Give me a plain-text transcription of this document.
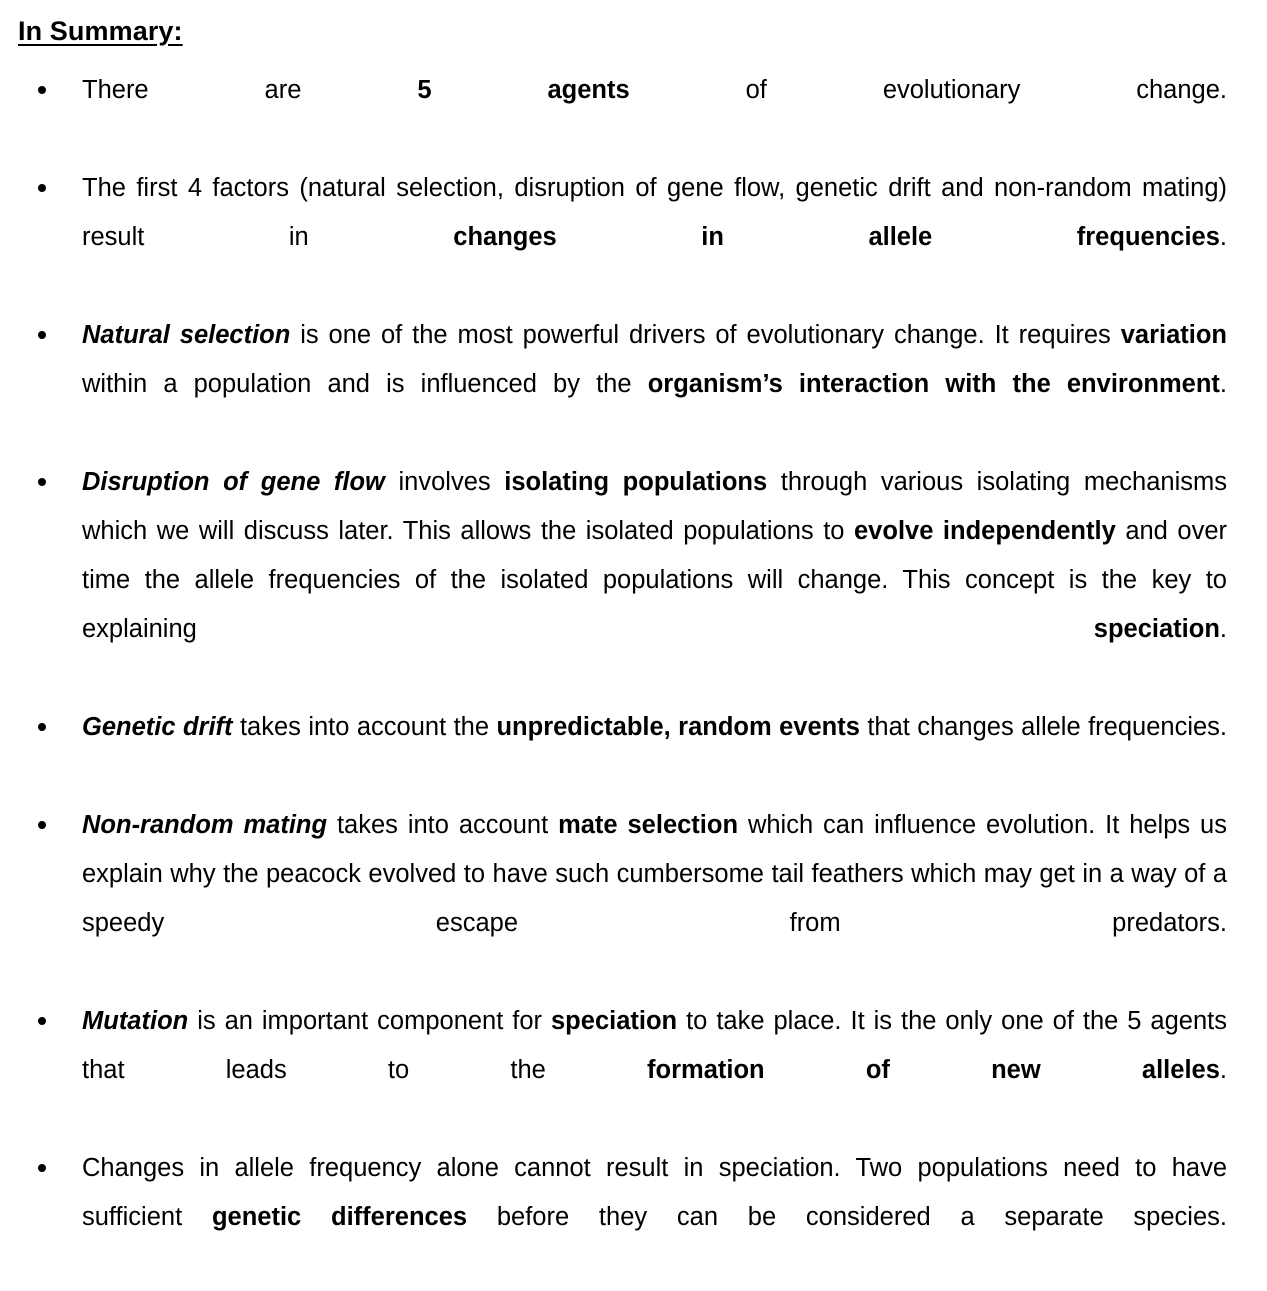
In Summary:
There are 5 agents of evolutionary change.
The first 4 factors (natural selection, disruption of gene flow, genetic drift and non-random mating) result in changes in allele frequencies.
Natural selection is one of the most powerful drivers of evolutionary change. It requires variation within a population and is influenced by the organism’s interaction with the environment.
Disruption of gene flow involves isolating populations through various isolating mechanisms which we will discuss later. This allows the isolated populations to evolve independently and over time the allele frequencies of the isolated populations will change. This concept is the key to explaining speciation.
Genetic drift takes into account the unpredictable, random events that changes allele frequencies.
Non-random mating takes into account mate selection which can influence evolution. It helps us explain why the peacock evolved to have such cumbersome tail feathers which may get in a way of a speedy escape from predators.
Mutation is an important component for speciation to take place. It is the only one of the 5 agents that leads to the formation of new alleles.
Changes in allele frequency alone cannot result in speciation. Two populations need to have sufficient genetic differences before they can be considered a separate species.
